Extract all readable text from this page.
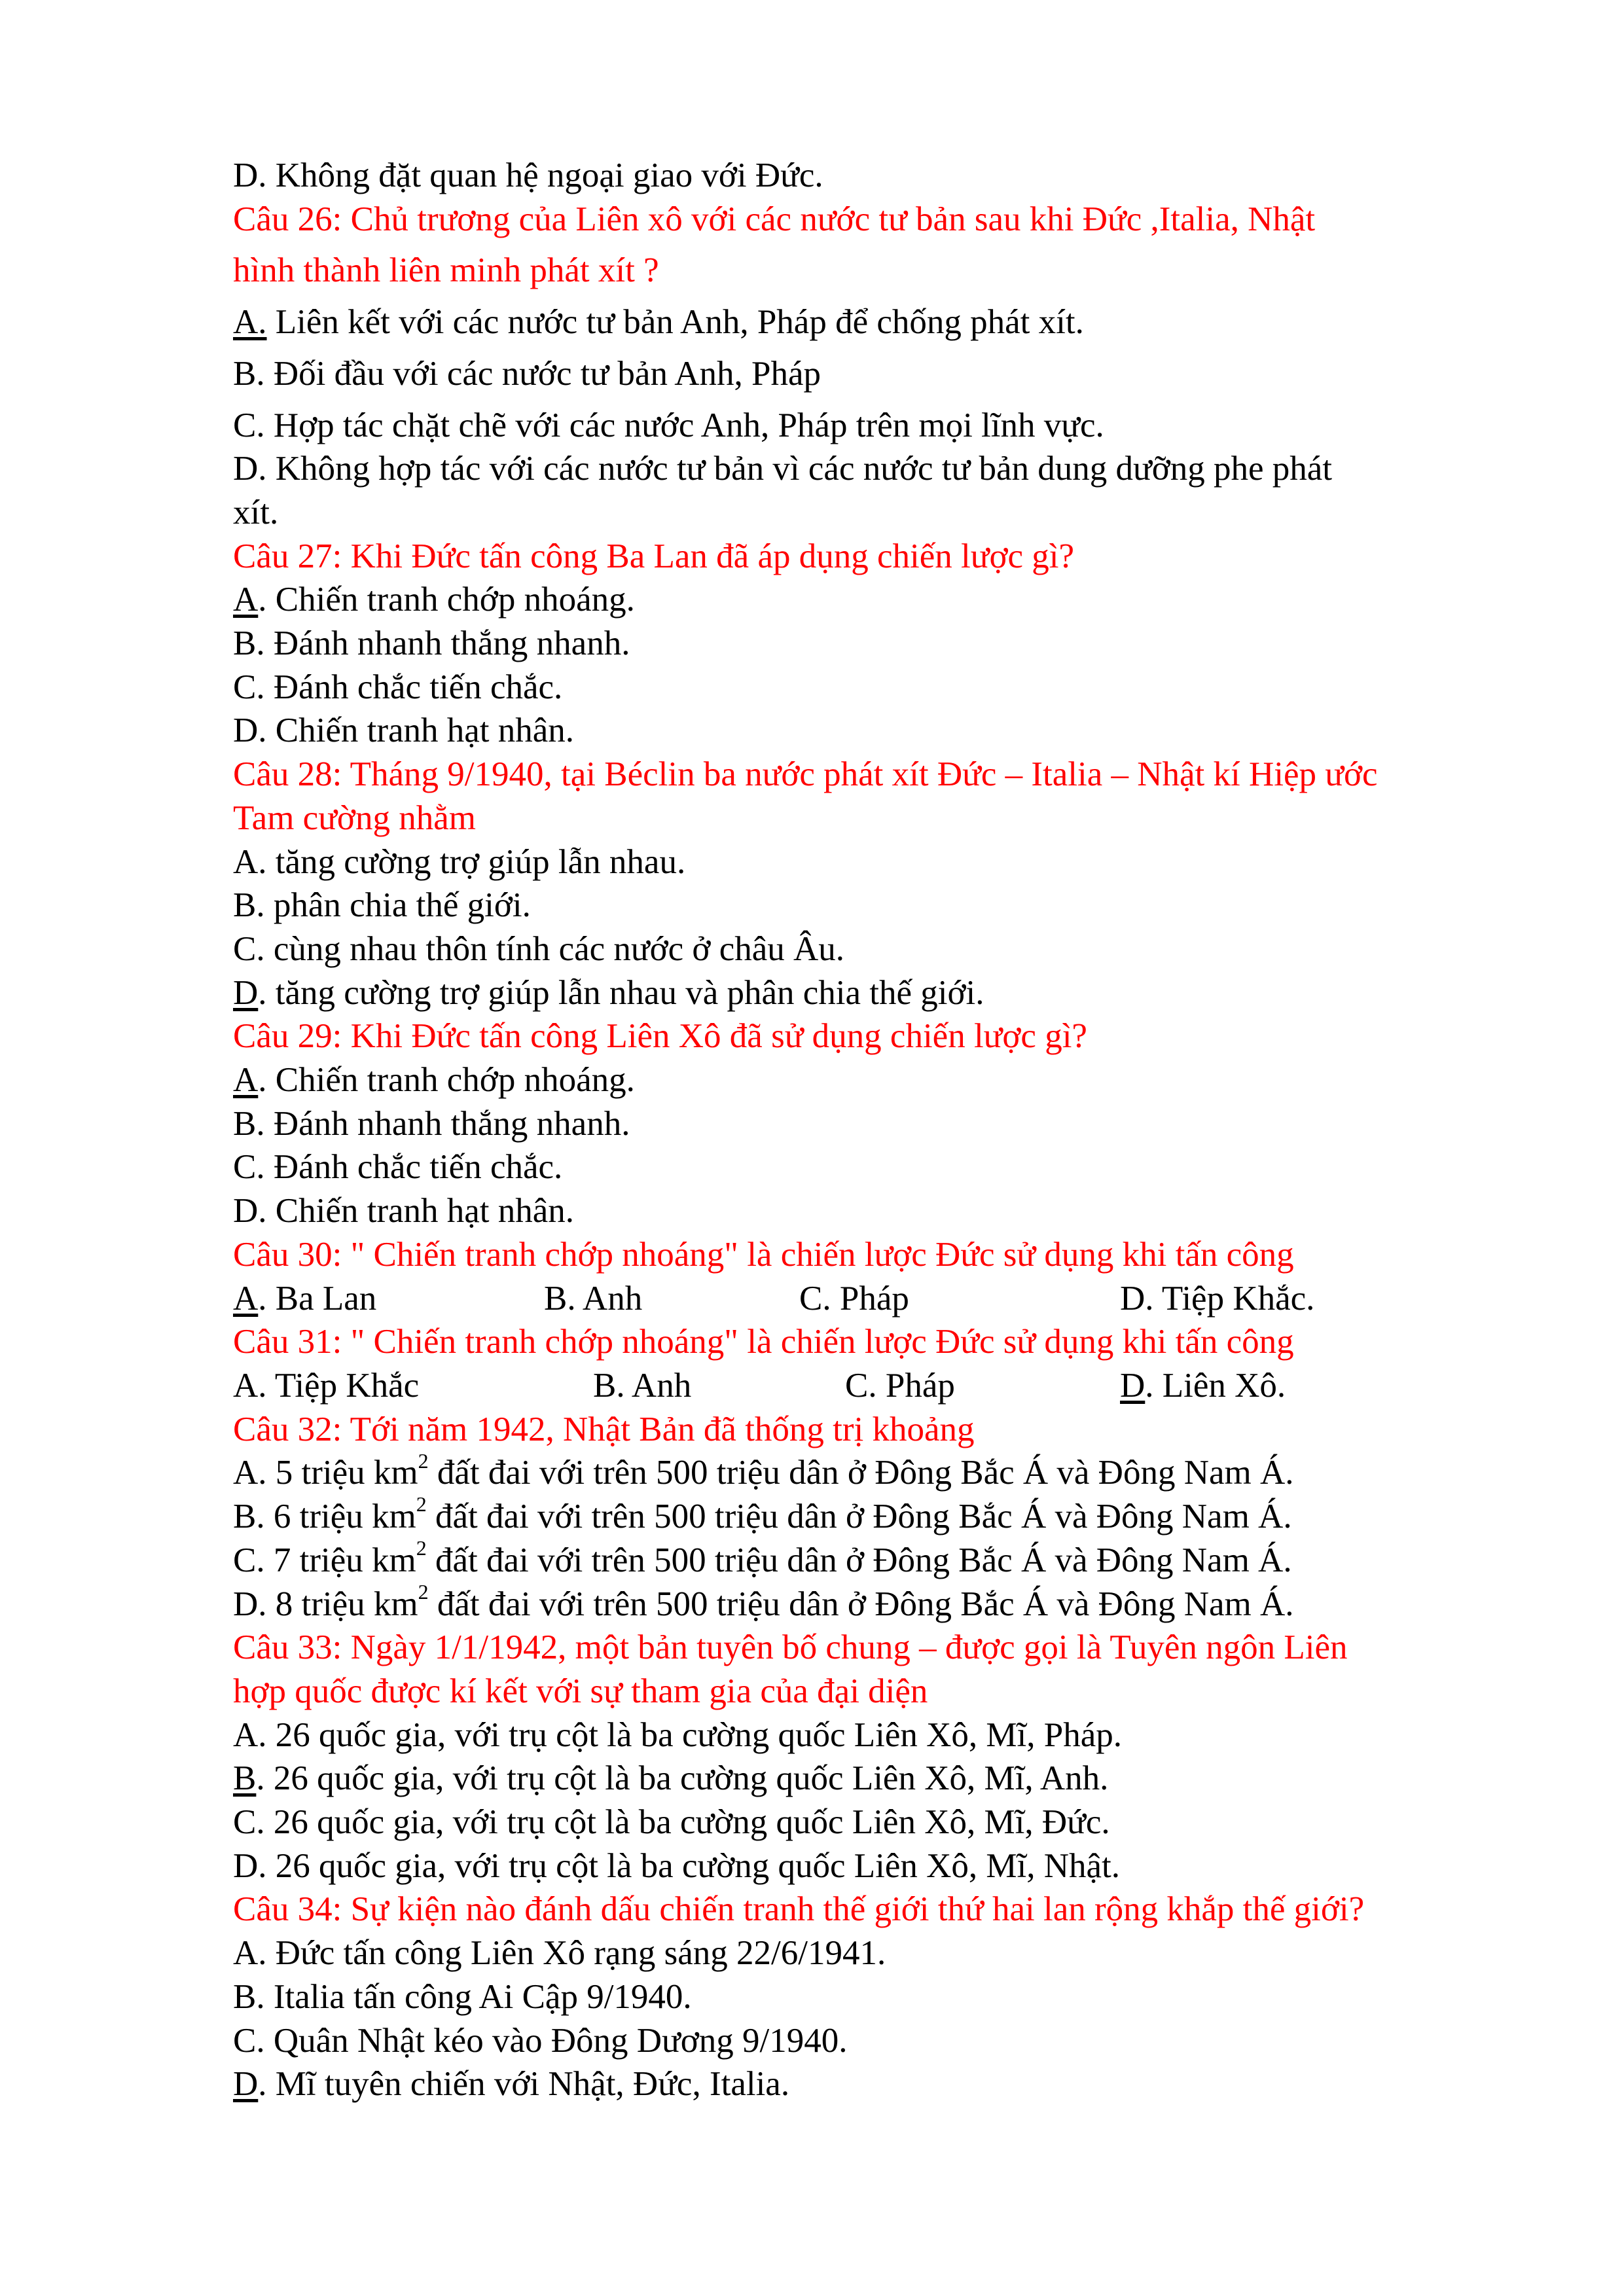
D. Không đặt quan hệ ngoại giao với Đức.
Câu 26: Chủ trương của Liên xô với các nước tư bản sau khi Đức ,Italia, Nhật
hình thành liên minh phát xít ?
A. Liên kết với các nước tư bản Anh, Pháp để chống phát xít.
B. Đối đầu với các nước tư bản Anh, Pháp
C. Hợp tác chặt chẽ với các nước Anh, Pháp trên mọi lĩnh vực.
D. Không hợp tác với các nước tư bản vì các nước tư bản dung dưỡng phe phát
xít.
Câu 27: Khi Đức tấn công Ba Lan đã áp dụng chiến lược gì?
A. Chiến tranh chớp nhoáng.
B. Đánh nhanh thắng nhanh.
C. Đánh chắc tiến chắc.
D. Chiến tranh hạt nhân.
Câu 28: Tháng 9/1940, tại Béclin ba nước phát xít Đức – Italia – Nhật kí Hiệp ước
Tam cường nhằm
A. tăng cường trợ giúp lẫn nhau.
B. phân chia thế giới.
C. cùng nhau thôn tính các nước ở châu Âu.
D. tăng cường trợ giúp lẫn nhau và phân chia thế giới.
Câu 29: Khi Đức tấn công Liên Xô đã sử dụng chiến lược gì?
A. Chiến tranh chớp nhoáng.
B. Đánh nhanh thắng nhanh.
C. Đánh chắc tiến chắc.
D. Chiến tranh hạt nhân.
Câu 30: " Chiến tranh chớp nhoáng" là chiến lược Đức sử dụng khi tấn công
A. Ba Lan	B. Anh	C. Pháp	D. Tiệp Khắc.
Câu 31: " Chiến tranh chớp nhoáng" là chiến lược Đức sử dụng khi tấn công
A. Tiệp Khắc	B. Anh	C. Pháp	D. Liên Xô.
Câu 32: Tới năm 1942, Nhật Bản đã thống trị khoảng
A. 5 triệu $km^2$ đất đai với trên 500 triệu dân ở Đông Bắc Á và Đông Nam Á.
B. 6 triệu $km^2$ đất đai với trên 500 triệu dân ở Đông Bắc Á và Đông Nam Á.
C. 7 triệu $km^2$ đất đai với trên 500 triệu dân ở Đông Bắc Á và Đông Nam Á.
D. 8 triệu $km^2$ đất đai với trên 500 triệu dân ở Đông Bắc Á và Đông Nam Á.
Câu 33: Ngày 1/1/1942, một bản tuyên bố chung – được gọi là Tuyên ngôn Liên
hợp quốc được kí kết với sự tham gia của đại diện
A. 26 quốc gia, với trụ cột là ba cường quốc Liên Xô, Mĩ, Pháp.
B. 26 quốc gia, với trụ cột là ba cường quốc Liên Xô, Mĩ, Anh.
C. 26 quốc gia, với trụ cột là ba cường quốc Liên Xô, Mĩ, Đức.
D. 26 quốc gia, với trụ cột là ba cường quốc Liên Xô, Mĩ, Nhật.
Câu 34: Sự kiện nào đánh dấu chiến tranh thế giới thứ hai lan rộng khắp thế giới?
A. Đức tấn công Liên Xô rạng sáng 22/6/1941.
B. Italia tấn công Ai Cập 9/1940.
C. Quân Nhật kéo vào Đông Dương 9/1940.
D. Mĩ tuyên chiến với Nhật, Đức, Italia.
